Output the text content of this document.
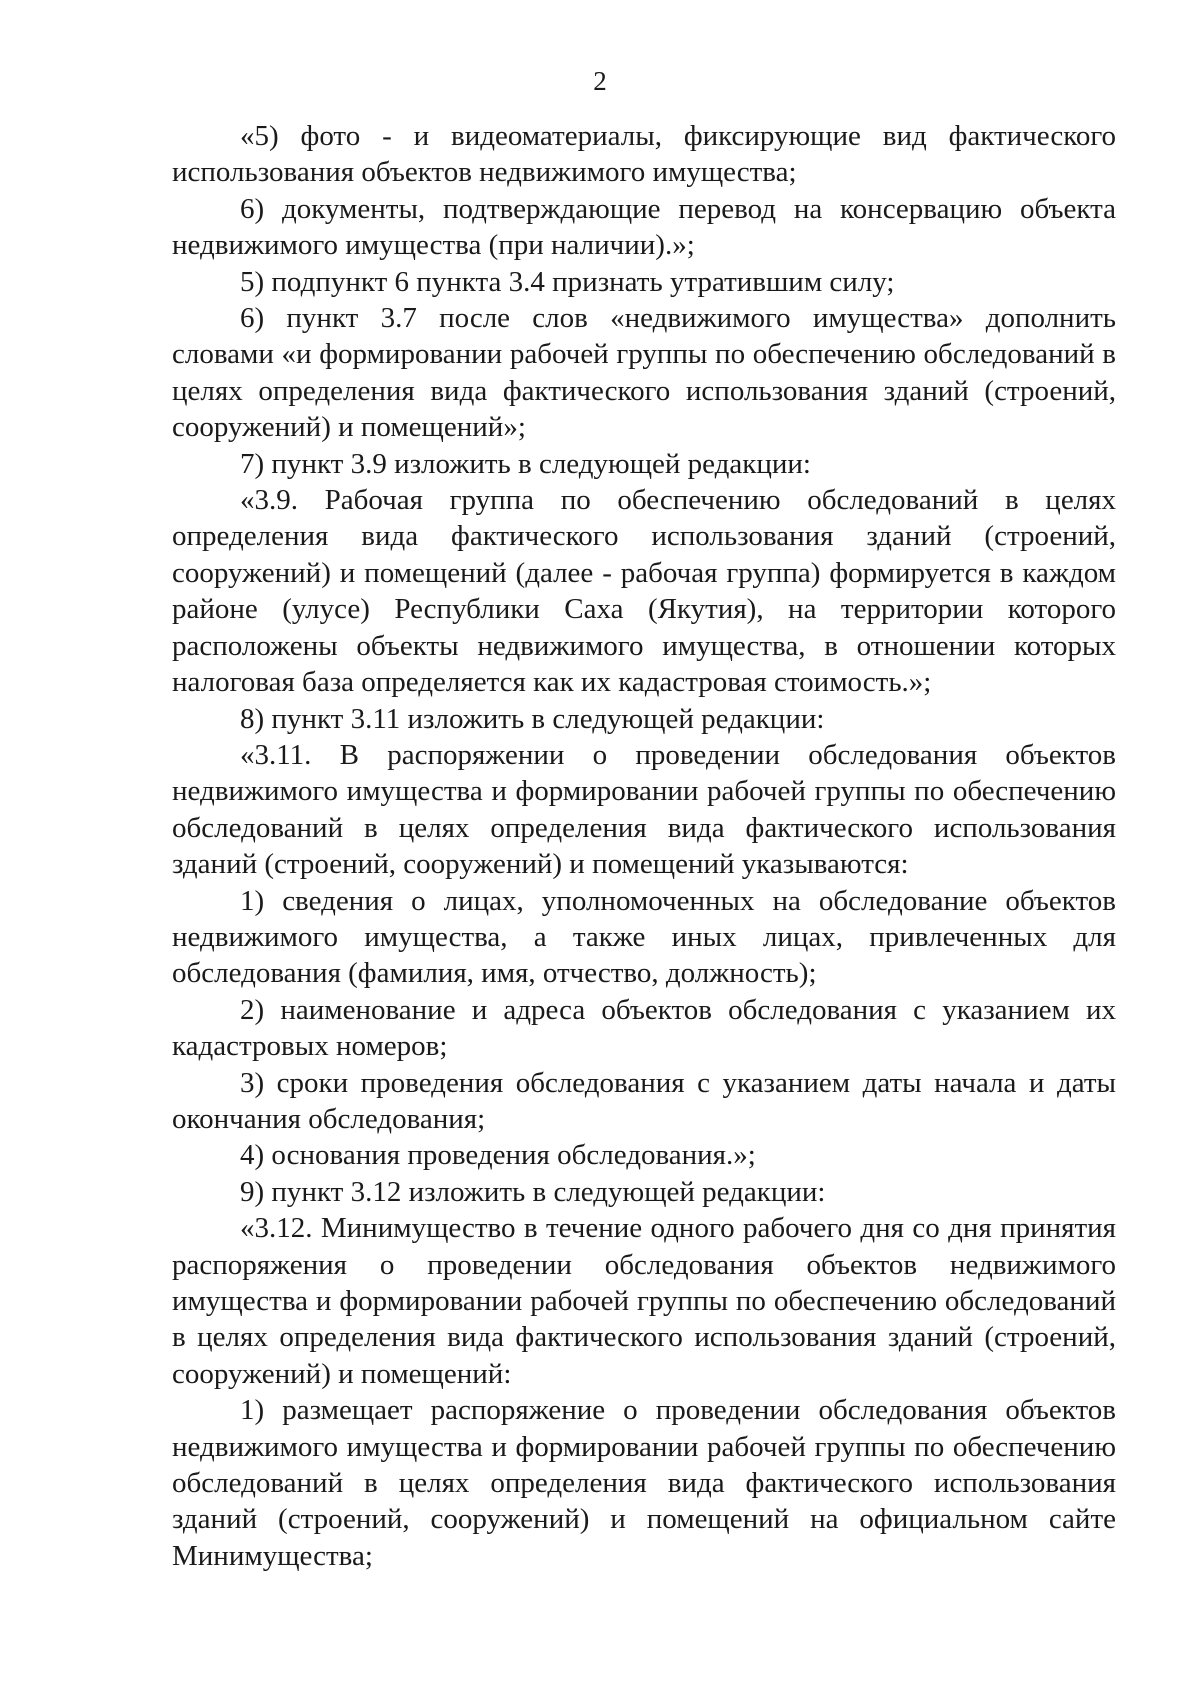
2

«5) фото - и видеоматериалы, фиксирующие вид фактического использования объектов недвижимого имущества;

6) документы, подтверждающие перевод на консервацию объекта недвижимого имущества (при наличии).»;

5) подпункт 6 пункта 3.4 признать утратившим силу;

6) пункт 3.7 после слов «недвижимого имущества» дополнить словами «и формировании рабочей группы по обеспечению обследований в целях определения вида фактического использования зданий (строений, сооружений) и помещений»;

7) пункт 3.9 изложить в следующей редакции:

«3.9. Рабочая группа по обеспечению обследований в целях определения вида фактического использования зданий (строений, сооружений) и помещений (далее - рабочая группа) формируется в каждом районе (улусе) Республики Саха (Якутия), на территории которого расположены объекты недвижимого имущества, в отношении которых налоговая база определяется как их кадастровая стоимость.»;

8) пункт 3.11 изложить в следующей редакции:

«3.11. В распоряжении о проведении обследования объектов недвижимого имущества и формировании рабочей группы по обеспечению обследований в целях определения вида фактического использования зданий (строений, сооружений) и помещений указываются:

1) сведения о лицах, уполномоченных на обследование объектов недвижимого имущества, а также иных лицах, привлеченных для обследования (фамилия, имя, отчество, должность);

2) наименование и адреса объектов обследования с указанием их кадастровых номеров;

3) сроки проведения обследования с указанием даты начала и даты окончания обследования;

4) основания проведения обследования.»;

9) пункт 3.12 изложить в следующей редакции:

«3.12. Минимущество в течение одного рабочего дня со дня принятия распоряжения о проведении обследования объектов недвижимого имущества и формировании рабочей группы по обеспечению обследований в целях определения вида фактического использования зданий (строений, сооружений) и помещений:

1) размещает распоряжение о проведении обследования объектов недвижимого имущества и формировании рабочей группы по обеспечению обследований в целях определения вида фактического использования зданий (строений, сооружений) и помещений на официальном сайте Минимущества;
